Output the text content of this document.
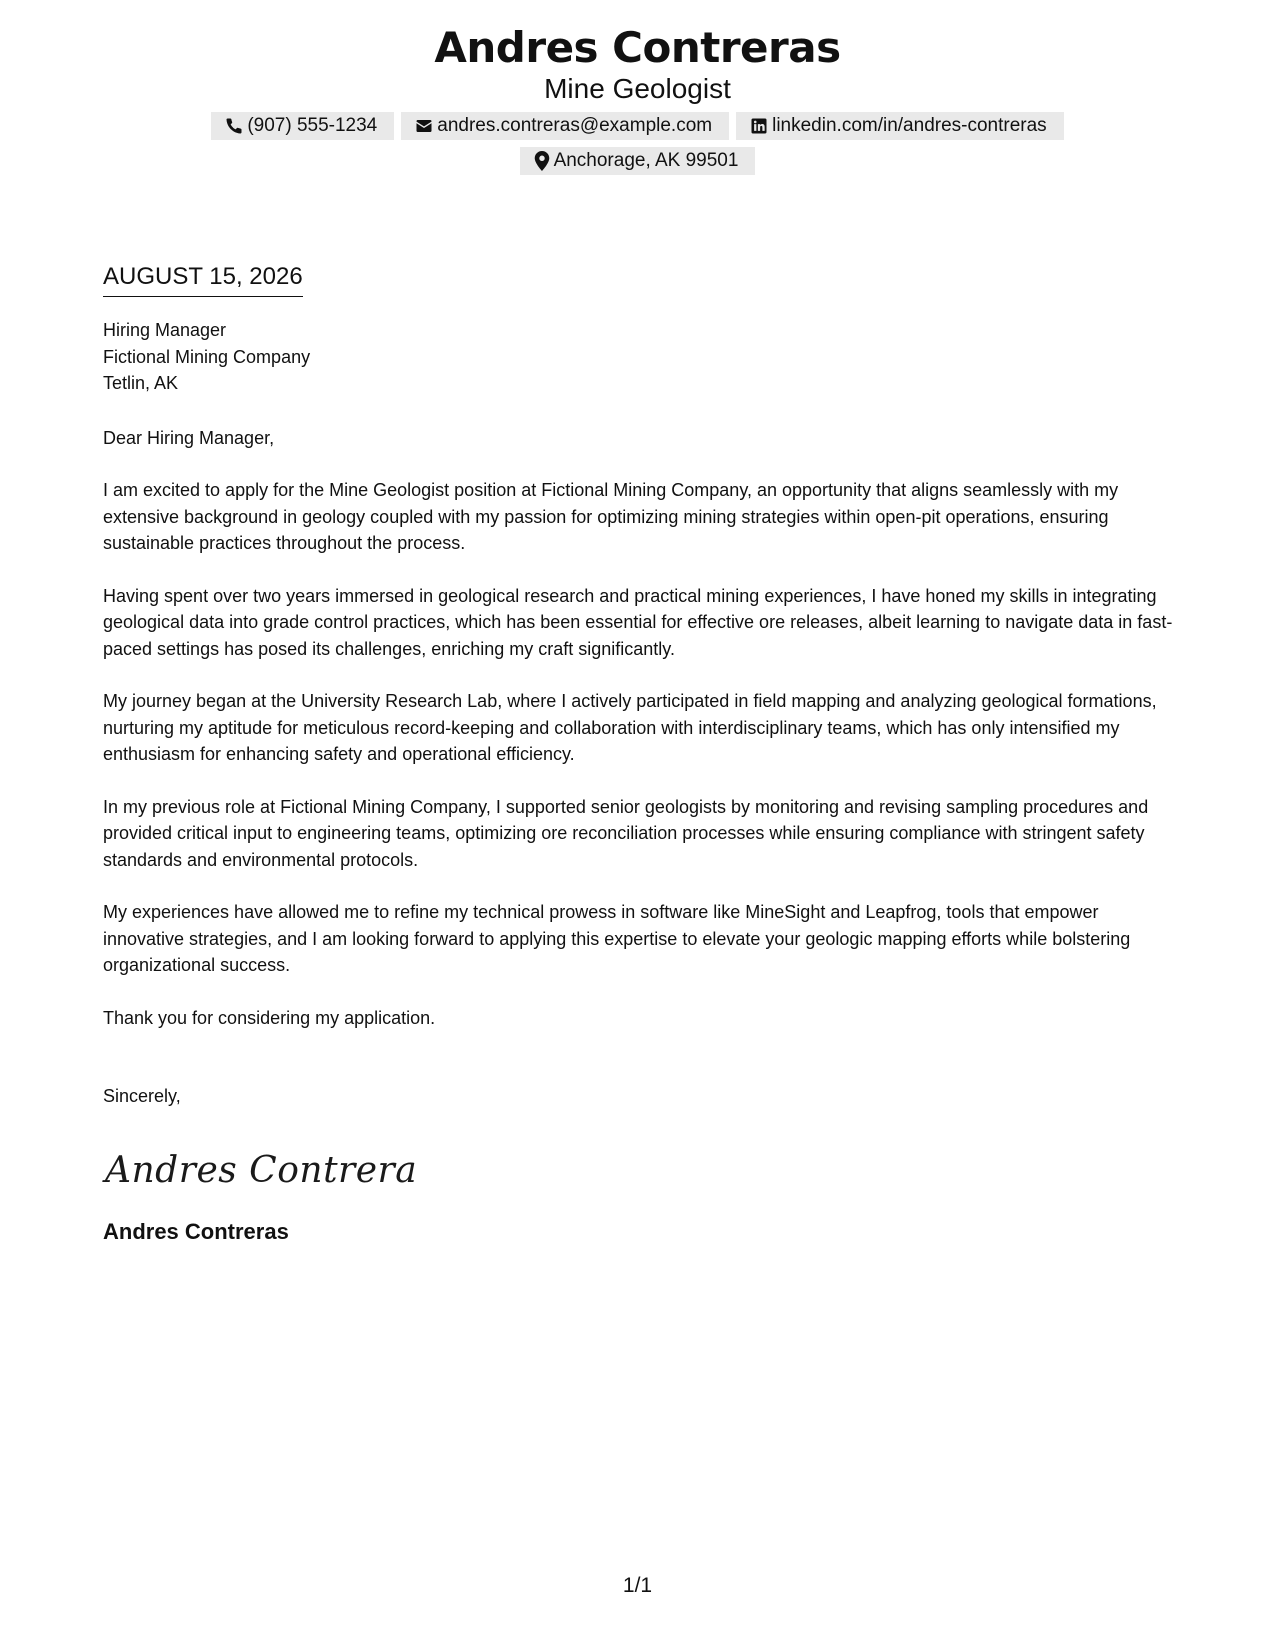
Andres Contreras
Mine Geologist
(907) 555-1234	andres.contreras@example.com	linkedin.com/in/andres-contreras
Anchorage, AK 99501
AUGUST 15, 2026
Hiring Manager
Fictional Mining Company
Tetlin, AK
Dear Hiring Manager,
I am excited to apply for the Mine Geologist position at Fictional Mining Company, an opportunity that aligns seamlessly with my extensive background in geology coupled with my passion for optimizing mining strategies within open-pit operations, ensuring sustainable practices throughout the process.
Having spent over two years immersed in geological research and practical mining experiences, I have honed my skills in integrating geological data into grade control practices, which has been essential for effective ore releases, albeit learning to navigate data in fast-paced settings has posed its challenges, enriching my craft significantly.
My journey began at the University Research Lab, where I actively participated in field mapping and analyzing geological formations, nurturing my aptitude for meticulous record-keeping and collaboration with interdisciplinary teams, which has only intensified my enthusiasm for enhancing safety and operational efficiency.
In my previous role at Fictional Mining Company, I supported senior geologists by monitoring and revising sampling procedures and provided critical input to engineering teams, optimizing ore reconciliation processes while ensuring compliance with stringent safety standards and environmental protocols.
My experiences have allowed me to refine my technical prowess in software like MineSight and Leapfrog, tools that empower innovative strategies, and I am looking forward to applying this expertise to elevate your geologic mapping efforts while bolstering organizational success.
Thank you for considering my application.
Sincerely,
Andres Contrera
Andres Contreras
1/1
